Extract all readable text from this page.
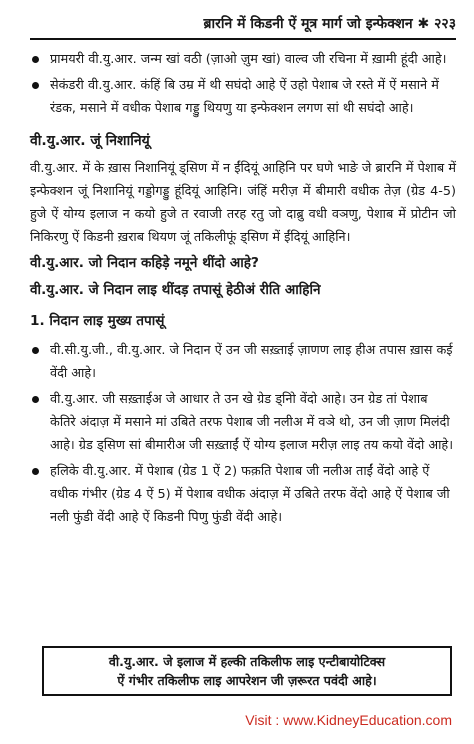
ब्रारनि में किडनी ऐं मूत्र मार्ग जो इन्फेक्शन ✱ २२३
प्रामयरी वी.यु.आर. जन्म खां वठी (ज़ाओ ज़ुम खां) वाल्व जी रचिना में ख़ामी हूंदी आहे।
सेकंडरी वी.यु.आर. कंहिं बि उम्र में थी सघंदो आहे ऐं उहो पेशाब जे रस्ते में ऐं मसाने में रंडक, मसाने में वधीक पेशाब गड्डु थियणु या इन्फेक्शन लगण सां थी सघंदो आहे।
वी.यु.आर. जूं निशानियूं
वी.यु.आर. में के ख़ास निशानियूं ड्सिण में न ईंदियूं आहिनि पर घणे भाङे जे ब्रारनि में पेशाब में इन्फेक्शन जूं निशानियूं गड्डोगड्डु हूंदियूं आहिनि। जंहिं मरीज़ में बीमारी वधीक तेज़ (ग्रेड 4-5) हुजे ऐं योग्य इलाज न कयो हुजे त रवाजी तरह रतु जो दाब्रु वधी वञणु, पेशाब में प्रोटीन जो निकिरणु ऐं किडनी ख़राब थियण जूं तकिलीफूं ड्सिण में ईंदियूं आहिनि।
वी.यु.आर. जो निदान कहिड़े नमूने थींदो आहे?
वी.यु.आर. जे निदान लाइ थींदड़ तपासूं हेठीअं रीति आहिनि
1. निदान लाइ मुख्य तपासूं
वी.सी.यु.जी., वी.यु.आर. जे निदान ऐं उन जी सख़्ताई ज़ाणण लाइ हीअ तपास ख़ास कई वेंदी आहे।
वी.यु.आर. जी सख़्ताईअ जे आधार ते उन खे ग्रेड ड्निो वेंदो आहे। उन ग्रेड तां पेशाब केतिरे अंदाज़ में मसाने मां उबिते तरफ पेशाब जी नलीअ में वञे थो, उन जी ज़ाण मिलंदी आहे। ग्रेड ड्सिण सां बीमारीअ जी सख़्ताईं ऐं योग्य इलाज मरीज़ लाइ तय कयो वेंदो आहे।
हलिके वी.यु.आर. में पेशाब (ग्रेड 1 ऐं 2) फक़ति पेशाब जी नलीअ ताईं वेंदो आहे ऐं वधीक गंभीर (ग्रेड 4 ऐं 5) में पेशाब वधीक अंदाज़ में उबिते तरफ वेंदो आहे ऐं पेशाब जी नली फुंडी वेंदी आहे ऐं किडनी पिणु फुंडी वेंदी आहे।
वी.यु.आर. जे इलाज में हल्की तकिलीफ लाइ एन्टीबायोटिक्स
ऐं गंभीर तकिलीफ लाइ आपरेशन जी ज़रूरत पवंदी आहे।
Visit : www.KidneyEducation.com
